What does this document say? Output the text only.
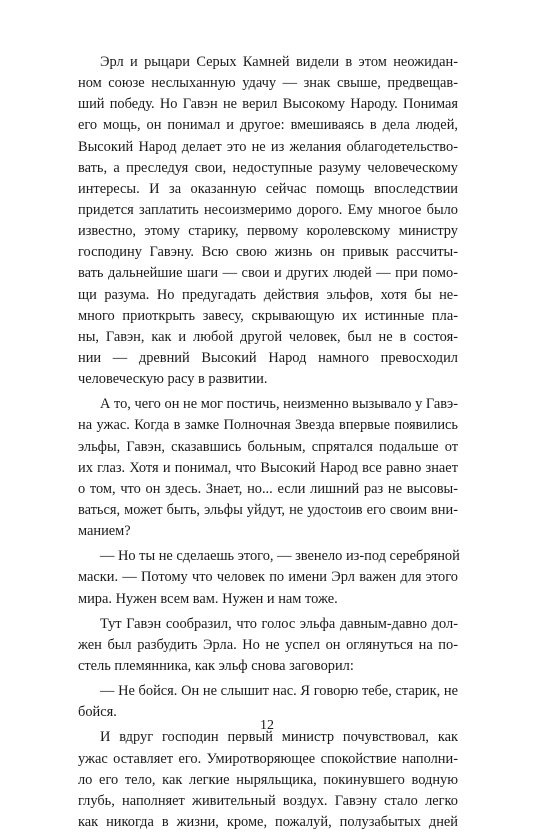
Эрл и рыцари Серых Камней видели в этом неожидан-
ном союзе неслыханную удачу — знак свыше, предвещав-
ший победу. Но Гавэн не верил Высокому Народу. Понимая
его мощь, он понимал и другое: вмешиваясь в дела людей,
Высокий Народ делает это не из желания облагодетельство-
вать, а преследуя свои, недоступные разуму человеческому
интересы. И за оказанную сейчас помощь впоследствии
придется заплатить несоизмеримо дорого. Ему многое было
известно, этому старику, первому королевскому министру
господину Гавэну. Всю свою жизнь он привык рассчиты-
вать дальнейшие шаги — свои и других людей — при помо-
щи разума. Но предугадать действия эльфов, хотя бы не-
много приоткрыть завесу, скрывающую их истинные пла-
ны, Гавэн, как и любой другой человек, был не в состоя-
нии — древний Высокий Народ намного превосходил
человеческую расу в развитии.
А то, чего он не мог постичь, неизменно вызывало у Гавэ-
на ужас. Когда в замке Полночная Звезда впервые появились
эльфы, Гавэн, сказавшись больным, спрятался подальше от
их глаз. Хотя и понимал, что Высокий Народ все равно знает
о том, что он здесь. Знает, но... если лишний раз не высовы-
ваться, может быть, эльфы уйдут, не удостоив его своим вни-
манием?
— Но ты не сделаешь этого, — звенело из-под серебряной
маски. — Потому что человек по имени Эрл важен для этого
мира. Нужен всем вам. Нужен и нам тоже.
Тут Гавэн сообразил, что голос эльфа давным-давно дол-
жен был разбудить Эрла. Но не успел он оглянуться на по-
стель племянника, как эльф снова заговорил:
— Не бойся. Он не слышит нас. Я говорю тебе, старик, не
бойся.
И вдруг господин первый министр почувствовал, как
ужас оставляет его. Умиротворяющее спокойствие наполни-
ло его тело, как легкие ныряльщика, покинувшего водную
глубь, наполняет живительный воздух. Гавэну стало легко
как никогда в жизни, кроме, пожалуй, полузабытых дней
12
